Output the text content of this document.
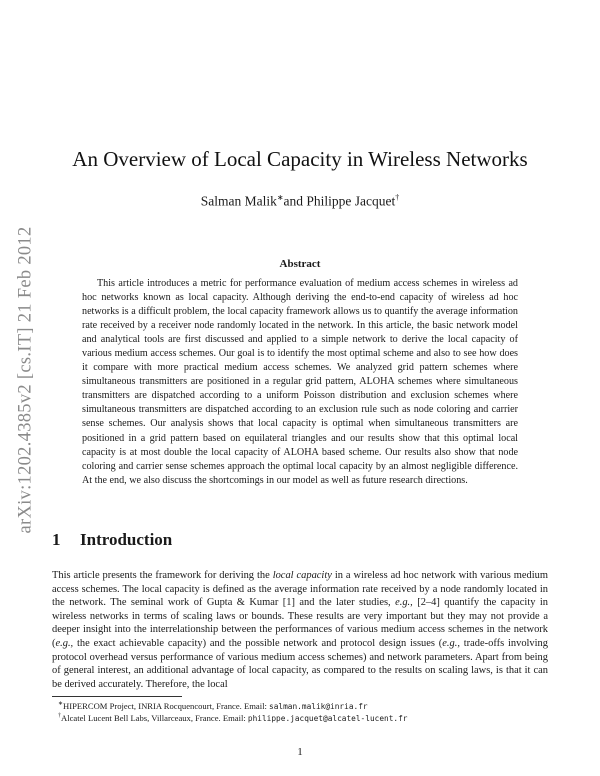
arXiv:1202.4385v2 [cs.IT] 21 Feb 2012
An Overview of Local Capacity in Wireless Networks
Salman Malik∗and Philippe Jacquet†
Abstract

This article introduces a metric for performance evaluation of medium access schemes in wireless ad hoc networks known as local capacity. Although deriving the end-to-end capacity of wireless ad hoc networks is a difficult problem, the local capacity framework allows us to quantify the average information rate received by a receiver node randomly located in the network. In this article, the basic network model and analytical tools are first discussed and applied to a simple network to derive the local capacity of various medium access schemes. Our goal is to identify the most optimal scheme and also to see how does it compare with more practical medium access schemes. We analyzed grid pattern schemes where simultaneous transmitters are positioned in a regular grid pattern, ALOHA schemes where simultaneous transmitters are dispatched according to a uniform Poisson distribution and exclusion schemes where simultaneous transmitters are dispatched according to an exclusion rule such as node coloring and carrier sense schemes. Our analysis shows that local capacity is optimal when simultaneous transmitters are positioned in a grid pattern based on equilateral triangles and our results show that this optimal local capacity is at most double the local capacity of ALOHA based scheme. Our results also show that node coloring and carrier sense schemes approach the optimal local capacity by an almost negligible difference. At the end, we also discuss the shortcomings in our model as well as future research directions.

1 Introduction

This article presents the framework for deriving the local capacity in a wireless ad hoc network with various medium access schemes. The local capacity is defined as the average information rate received by a node randomly located in the network. The seminal work of Gupta & Kumar [1] and the later studies, e.g., [2–4] quantify the capacity in wireless networks in terms of scaling laws or bounds. These results are very important but they may not provide a deeper insight into the interrelationship between the performances of various medium access schemes in the network (e.g., the exact achievable capacity) and the possible network and protocol design issues (e.g., trade-offs involving protocol overhead versus performance of various medium access schemes) and network parameters. Apart from being of general interest, an additional advantage of local capacity, as compared to the results on scaling laws, is that it can be derived accurately. Therefore, the local

∗HIPERCOM Project, INRIA Rocquencourt, France. Email: salman.malik@inria.fr
†Alcatel Lucent Bell Labs, Villarceaux, France. Email: philippe.jacquet@alcatel-lucent.fr
1
